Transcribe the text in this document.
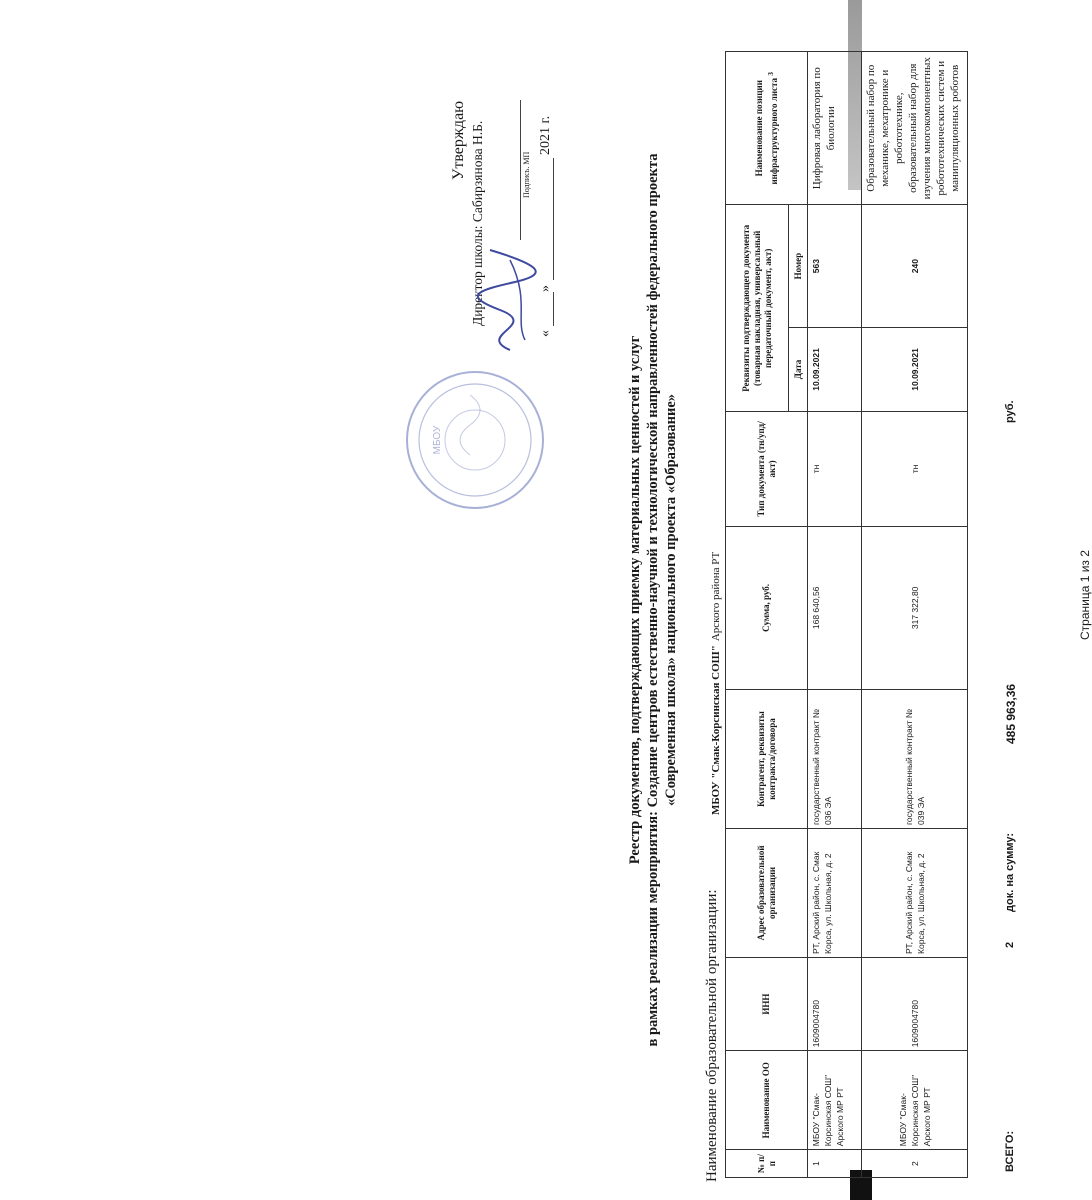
Утверждаю Директор школы: Сабирзянова Н.Б.
МБОУ
Подпись. МП
«
»
2021 г.
Реестр документов, подтверждающих приемку материальных ценностей и услуг в рамках реализации мероприятия: Создание центров естественно-научной и технологической направленностей федерального проекта «Современная школа» национального проекта «Образование»
Наименование образовательной организации:
МБОУ "Смак-Корсинская СОШ" Арского района РТ
№ п/п	Наименование ОО	ИНН	Адрес образовательной организации	Контрагент, реквизиты контракта/договора	Сумма, руб.	Тип документа (тн/упд/акт)	Реквизиты подтверждающего документа (товарная накладная, универсальный передаточный документ, акт)		Наименование позиции инфраструктурного листа $^3$
							Дата	Номер	
1	МБОУ "Смак-Корсинская СОШ" Арского МР РТ	1609004780	РТ, Арский район, с. Смак Корса, ул. Школьная, д. 2	государственный контракт № 036 ЭА	168 640,56	тн	10.09.2021	563	Цифровая лаборатория по биологии
2	МБОУ "Смак-Корсинская СОШ" Арского МР РТ	1609004780	РТ, Арский район, с. Смак Корса, ул. Школьная, д. 2	государственный контракт № 039 ЭА	317 322,80	тн	10.09.2021	240	Образовательный набор по механике, мехатронике и робототехнике, образовательный набор для изучения многокомпонентных робототехнических систем и манипуляционных роботов
ВСЕГО:
2
док. на сумму:
485 963,36
руб.
Страница 1 из 2
